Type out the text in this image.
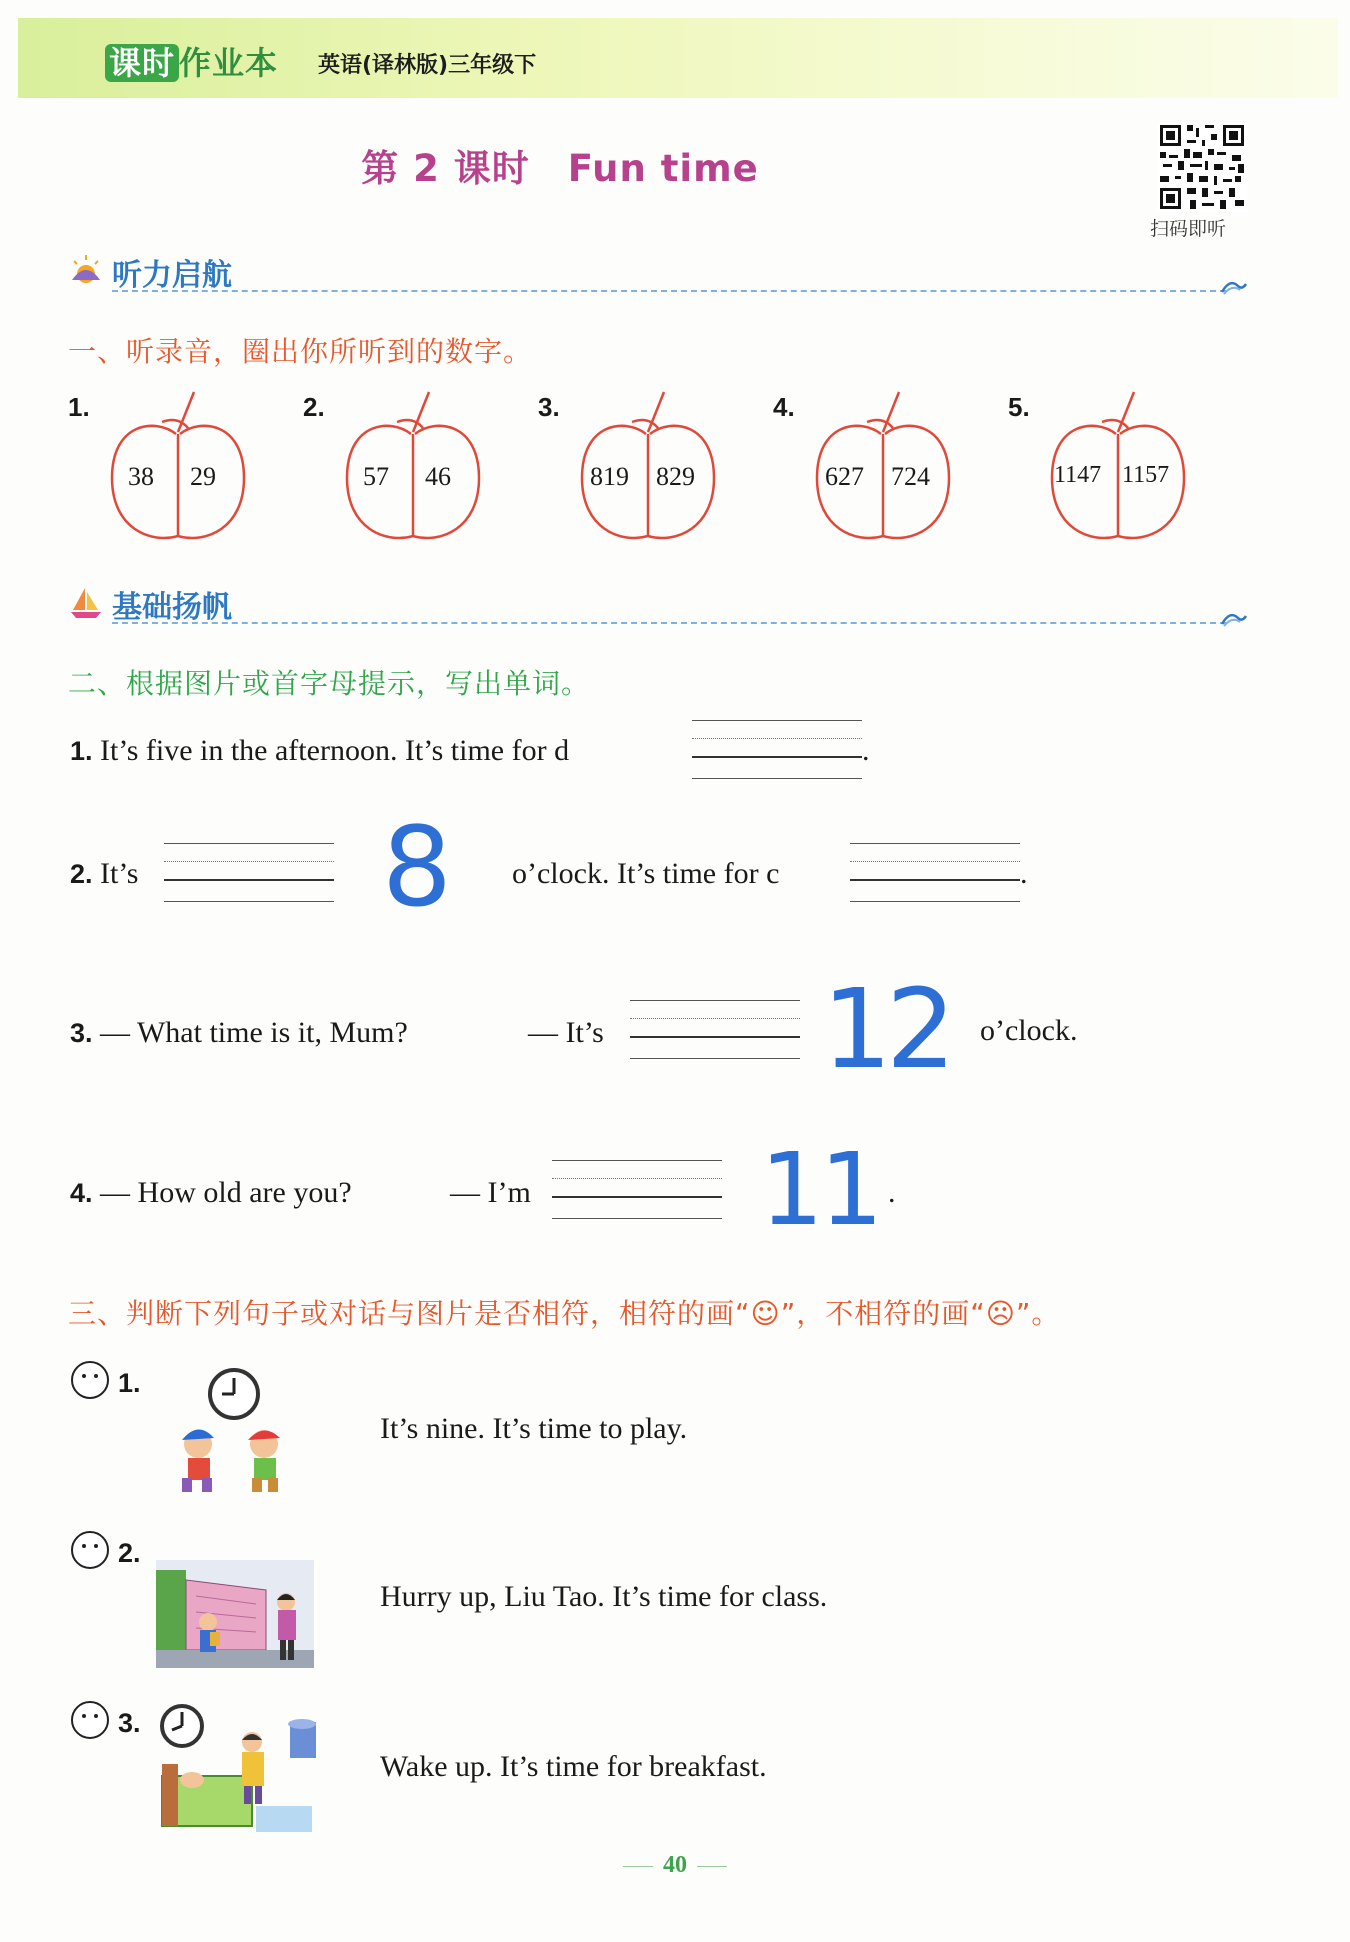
课时 作业本 英语(译林版)三年级下
第 2 课时　Fun time
扫码即听
听力启航
一、听录音，圈出你所听到的数字。
1.
38 29
2.
57 46
3.
819 829
4.
627 724
5.
1147 1157
基础扬帆
二、根据图片或首字母提示，写出单词。
1. It’s five in the afternoon. It’s time for d	.
2. It’s 8 o’clock. It’s time for c	.
3. — What time is it, Mum?	— It’s 12 o’clock.
4. — How old are you?	— I’m 11 .
三、判断下列句子或对话与图片是否相符，相符的画“☺”，不相符的画“☹”。
1.
It’s nine. It’s time to play.
2.
Hurry up, Liu Tao. It’s time for class.
3.
Wake up. It’s time for breakfast.
40
